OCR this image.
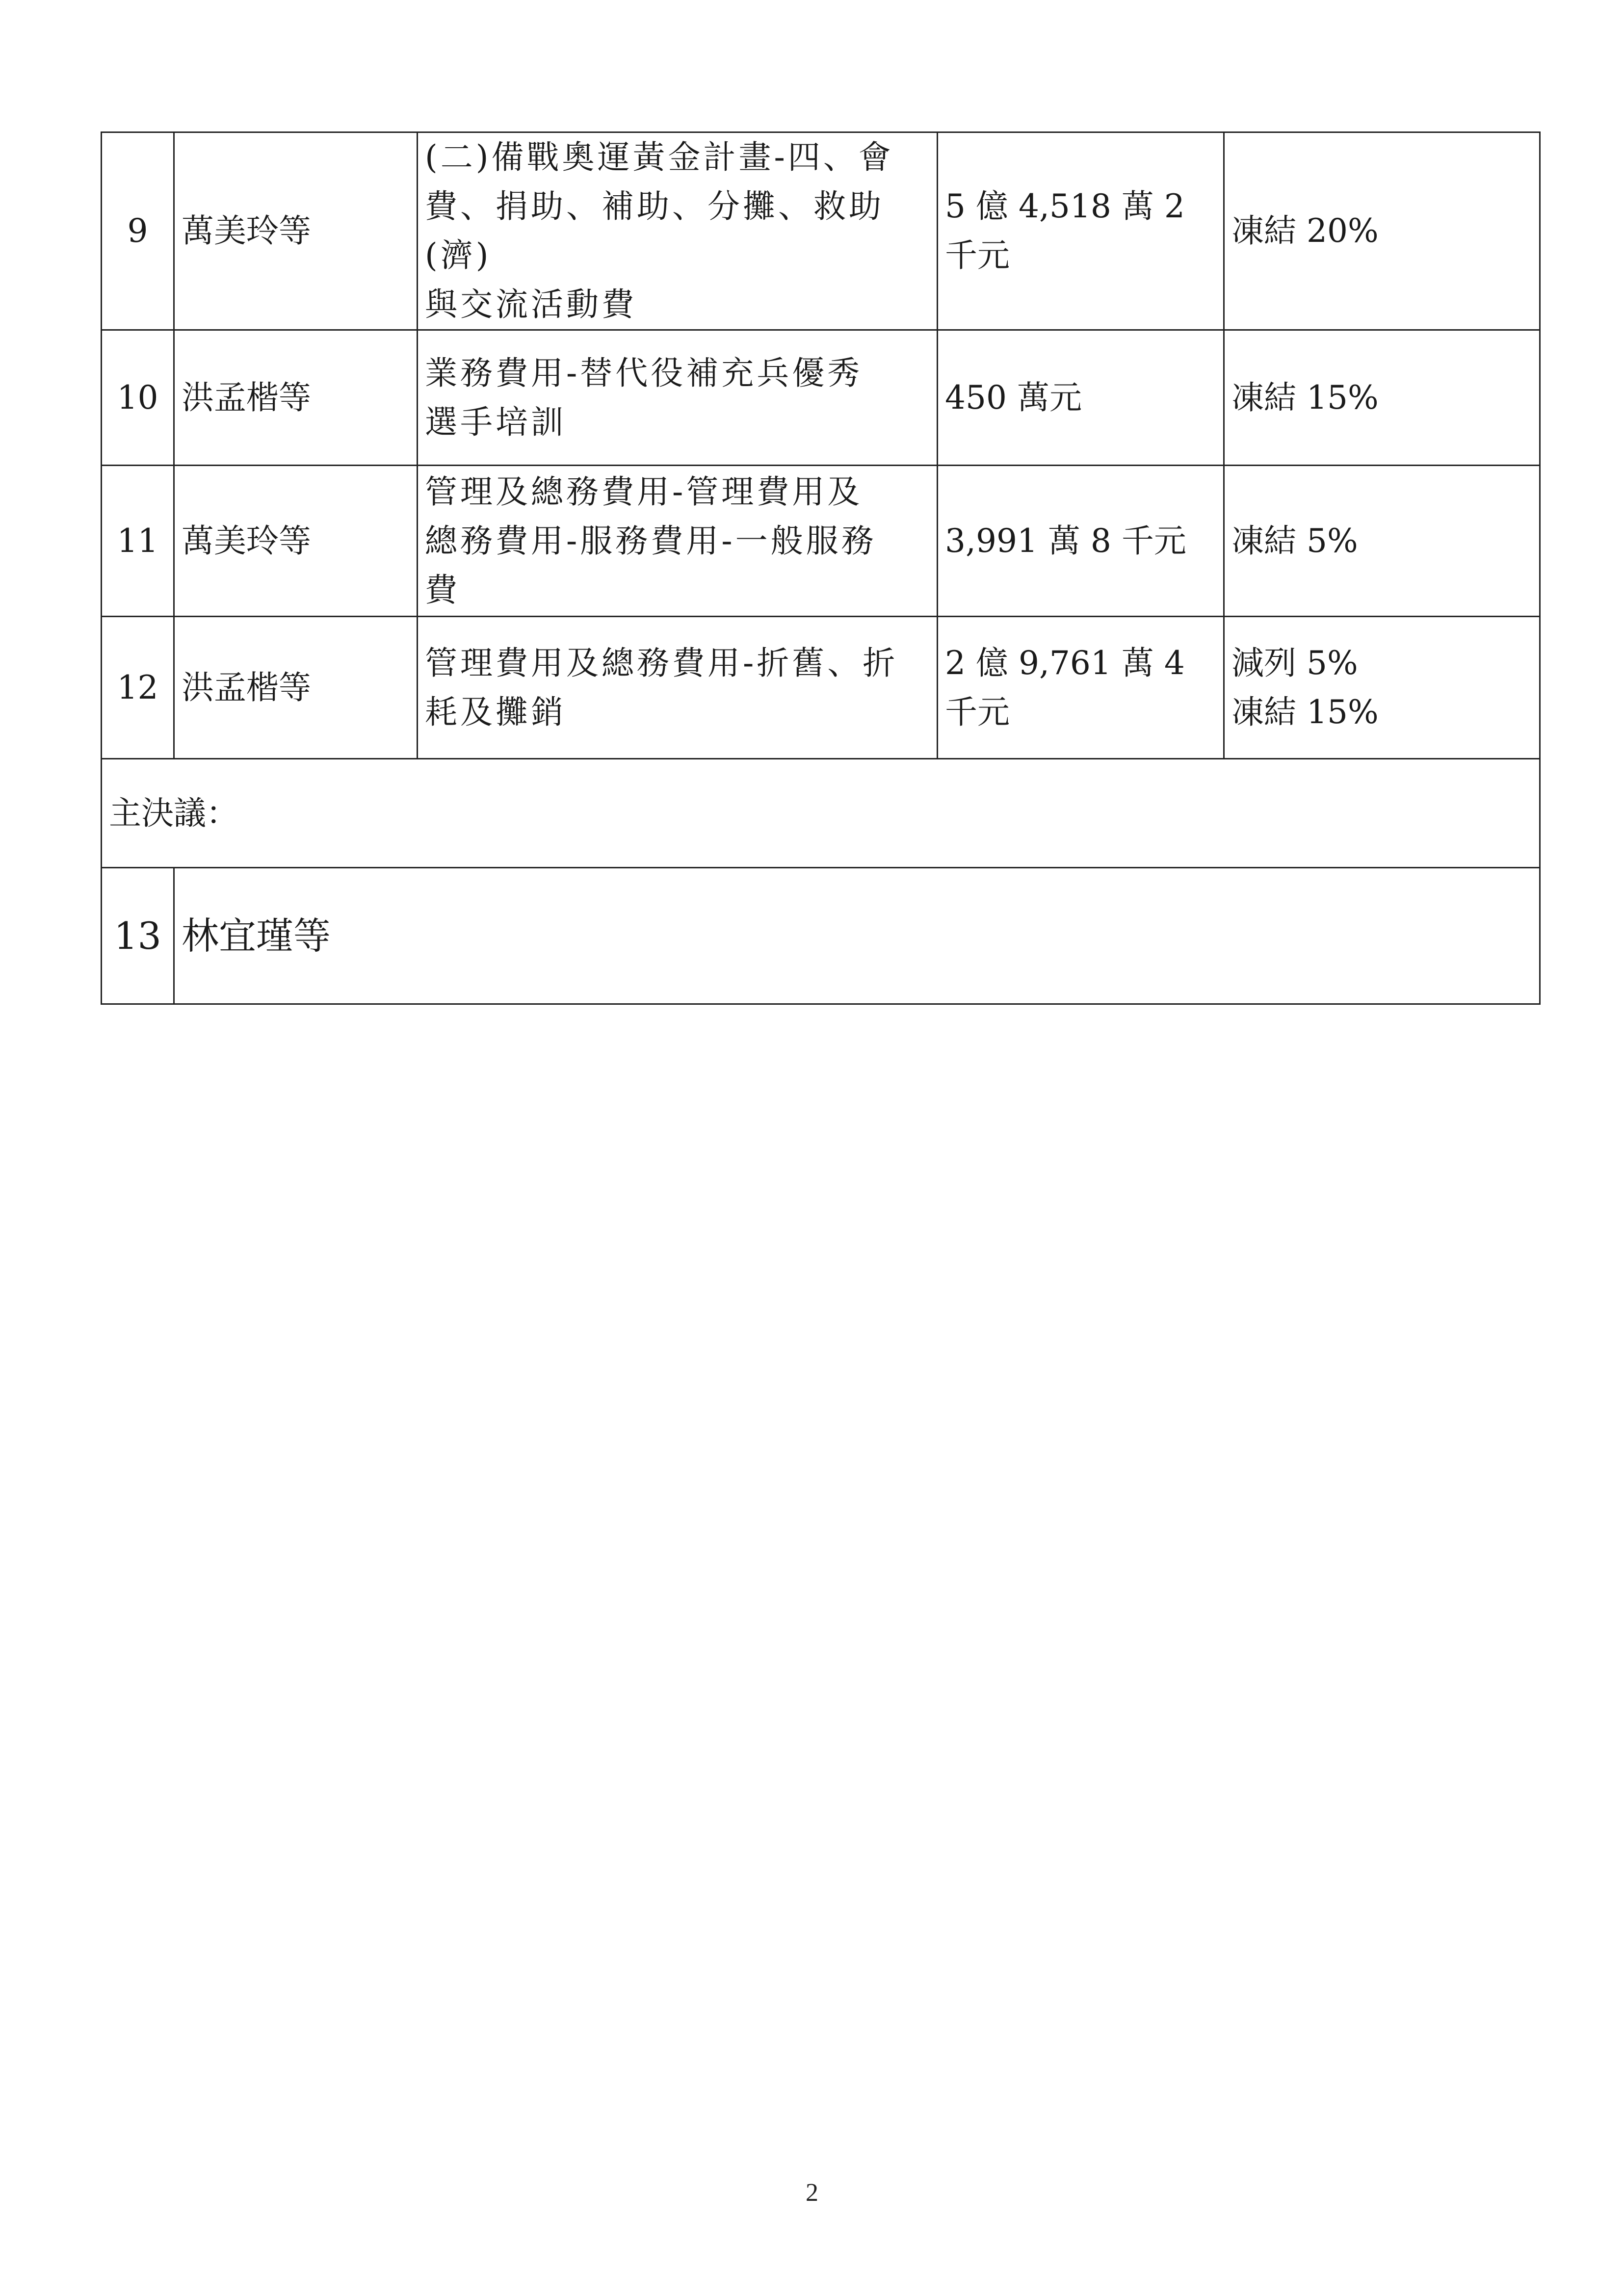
9	萬美玲等	(二)備戰奧運黃金計畫-四、會
費、捐助、補助、分攤、救助(濟)
與交流活動費	5 億 4,518 萬 2
千元	凍結 20%

10	洪孟楷等	業務費用-替代役補充兵優秀
選手培訓	450 萬元	凍結 15%

11	萬美玲等	管理及總務費用-管理費用及
總務費用-服務費用-一般服務
費	3,991 萬 8 千元	凍結 5%

12	洪孟楷等	管理費用及總務費用-折舊、折
耗及攤銷	2 億 9,761 萬 4
千元	減列 5%
凍結 15%

主決議：				
13	林宜瑾等			
2
